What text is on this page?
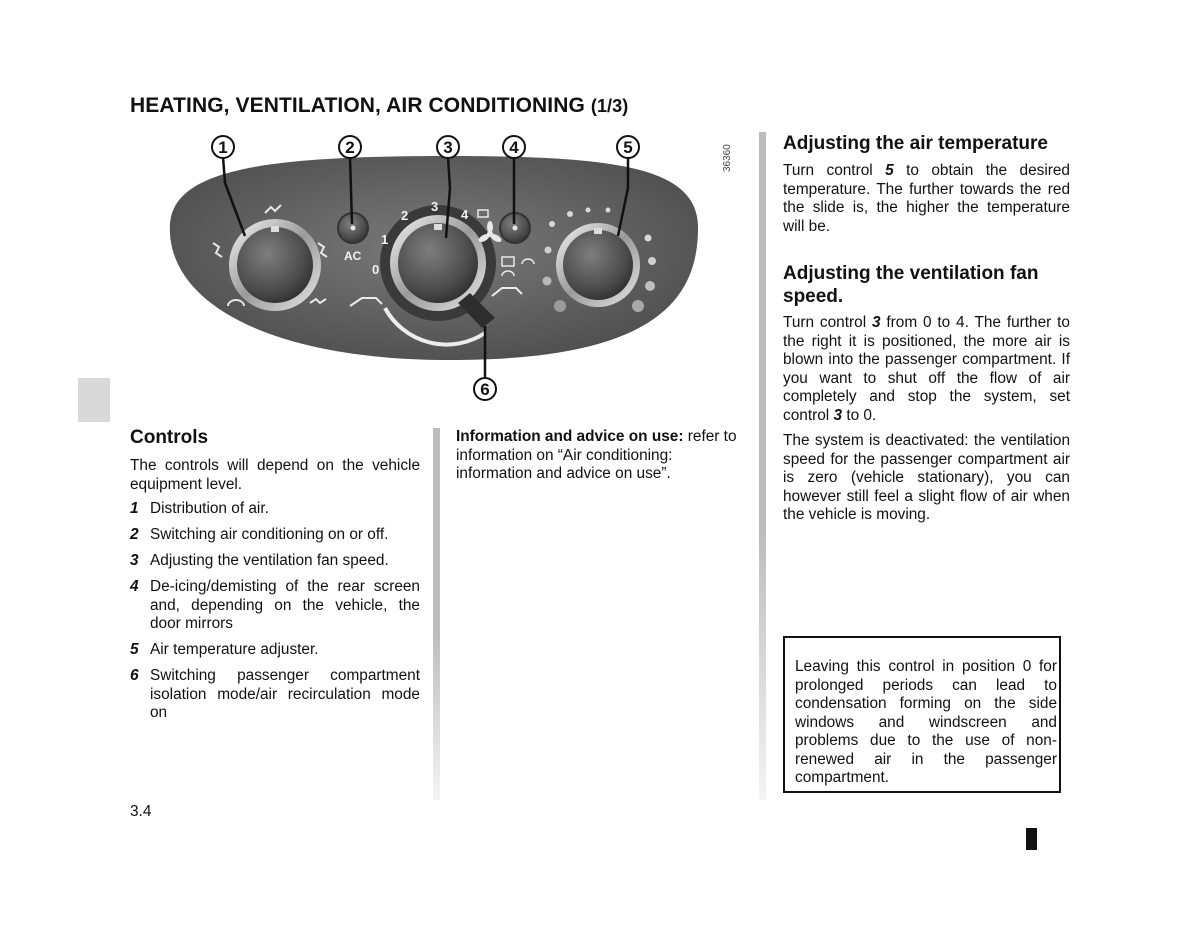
HEATING, VENTILATION, AIR CONDITIONING (1/3)
0
1
2
3
4
AC
1	2	3	4	5
6
36360
Controls
The controls will depend on the vehicle equipment level.
1 Distribution of air.
2 Switching air conditioning on or off.
3 Adjusting the ventilation fan speed.
4 De-icing/demisting of the rear screen and, depending on the vehicle, the door mirrors
5 Air temperature adjuster.
6 Switching passenger compartment isolation mode/air recirculation mode on
Information and advice on use: refer to information on “Air conditioning: information and advice on use”.
Adjusting the air temperature
Turn control 5 to obtain the desired temperature. The further towards the red the slide is, the higher the temperature will be.
Adjusting the ventilation fan speed.
Turn control 3 from 0 to 4. The further to the right it is positioned, the more air is blown into the passenger compartment. If you want to shut off the flow of air completely and stop the system, set control 3 to 0.
The system is deactivated: the ventilation speed for the passenger compartment air is zero (vehicle stationary), you can however still feel a slight flow of air when the vehicle is moving.
Leaving this control in position 0 for prolonged periods can lead to condensation forming on the side windows and windscreen and problems due to the use of non-renewed air in the passenger compartment.
3.4
